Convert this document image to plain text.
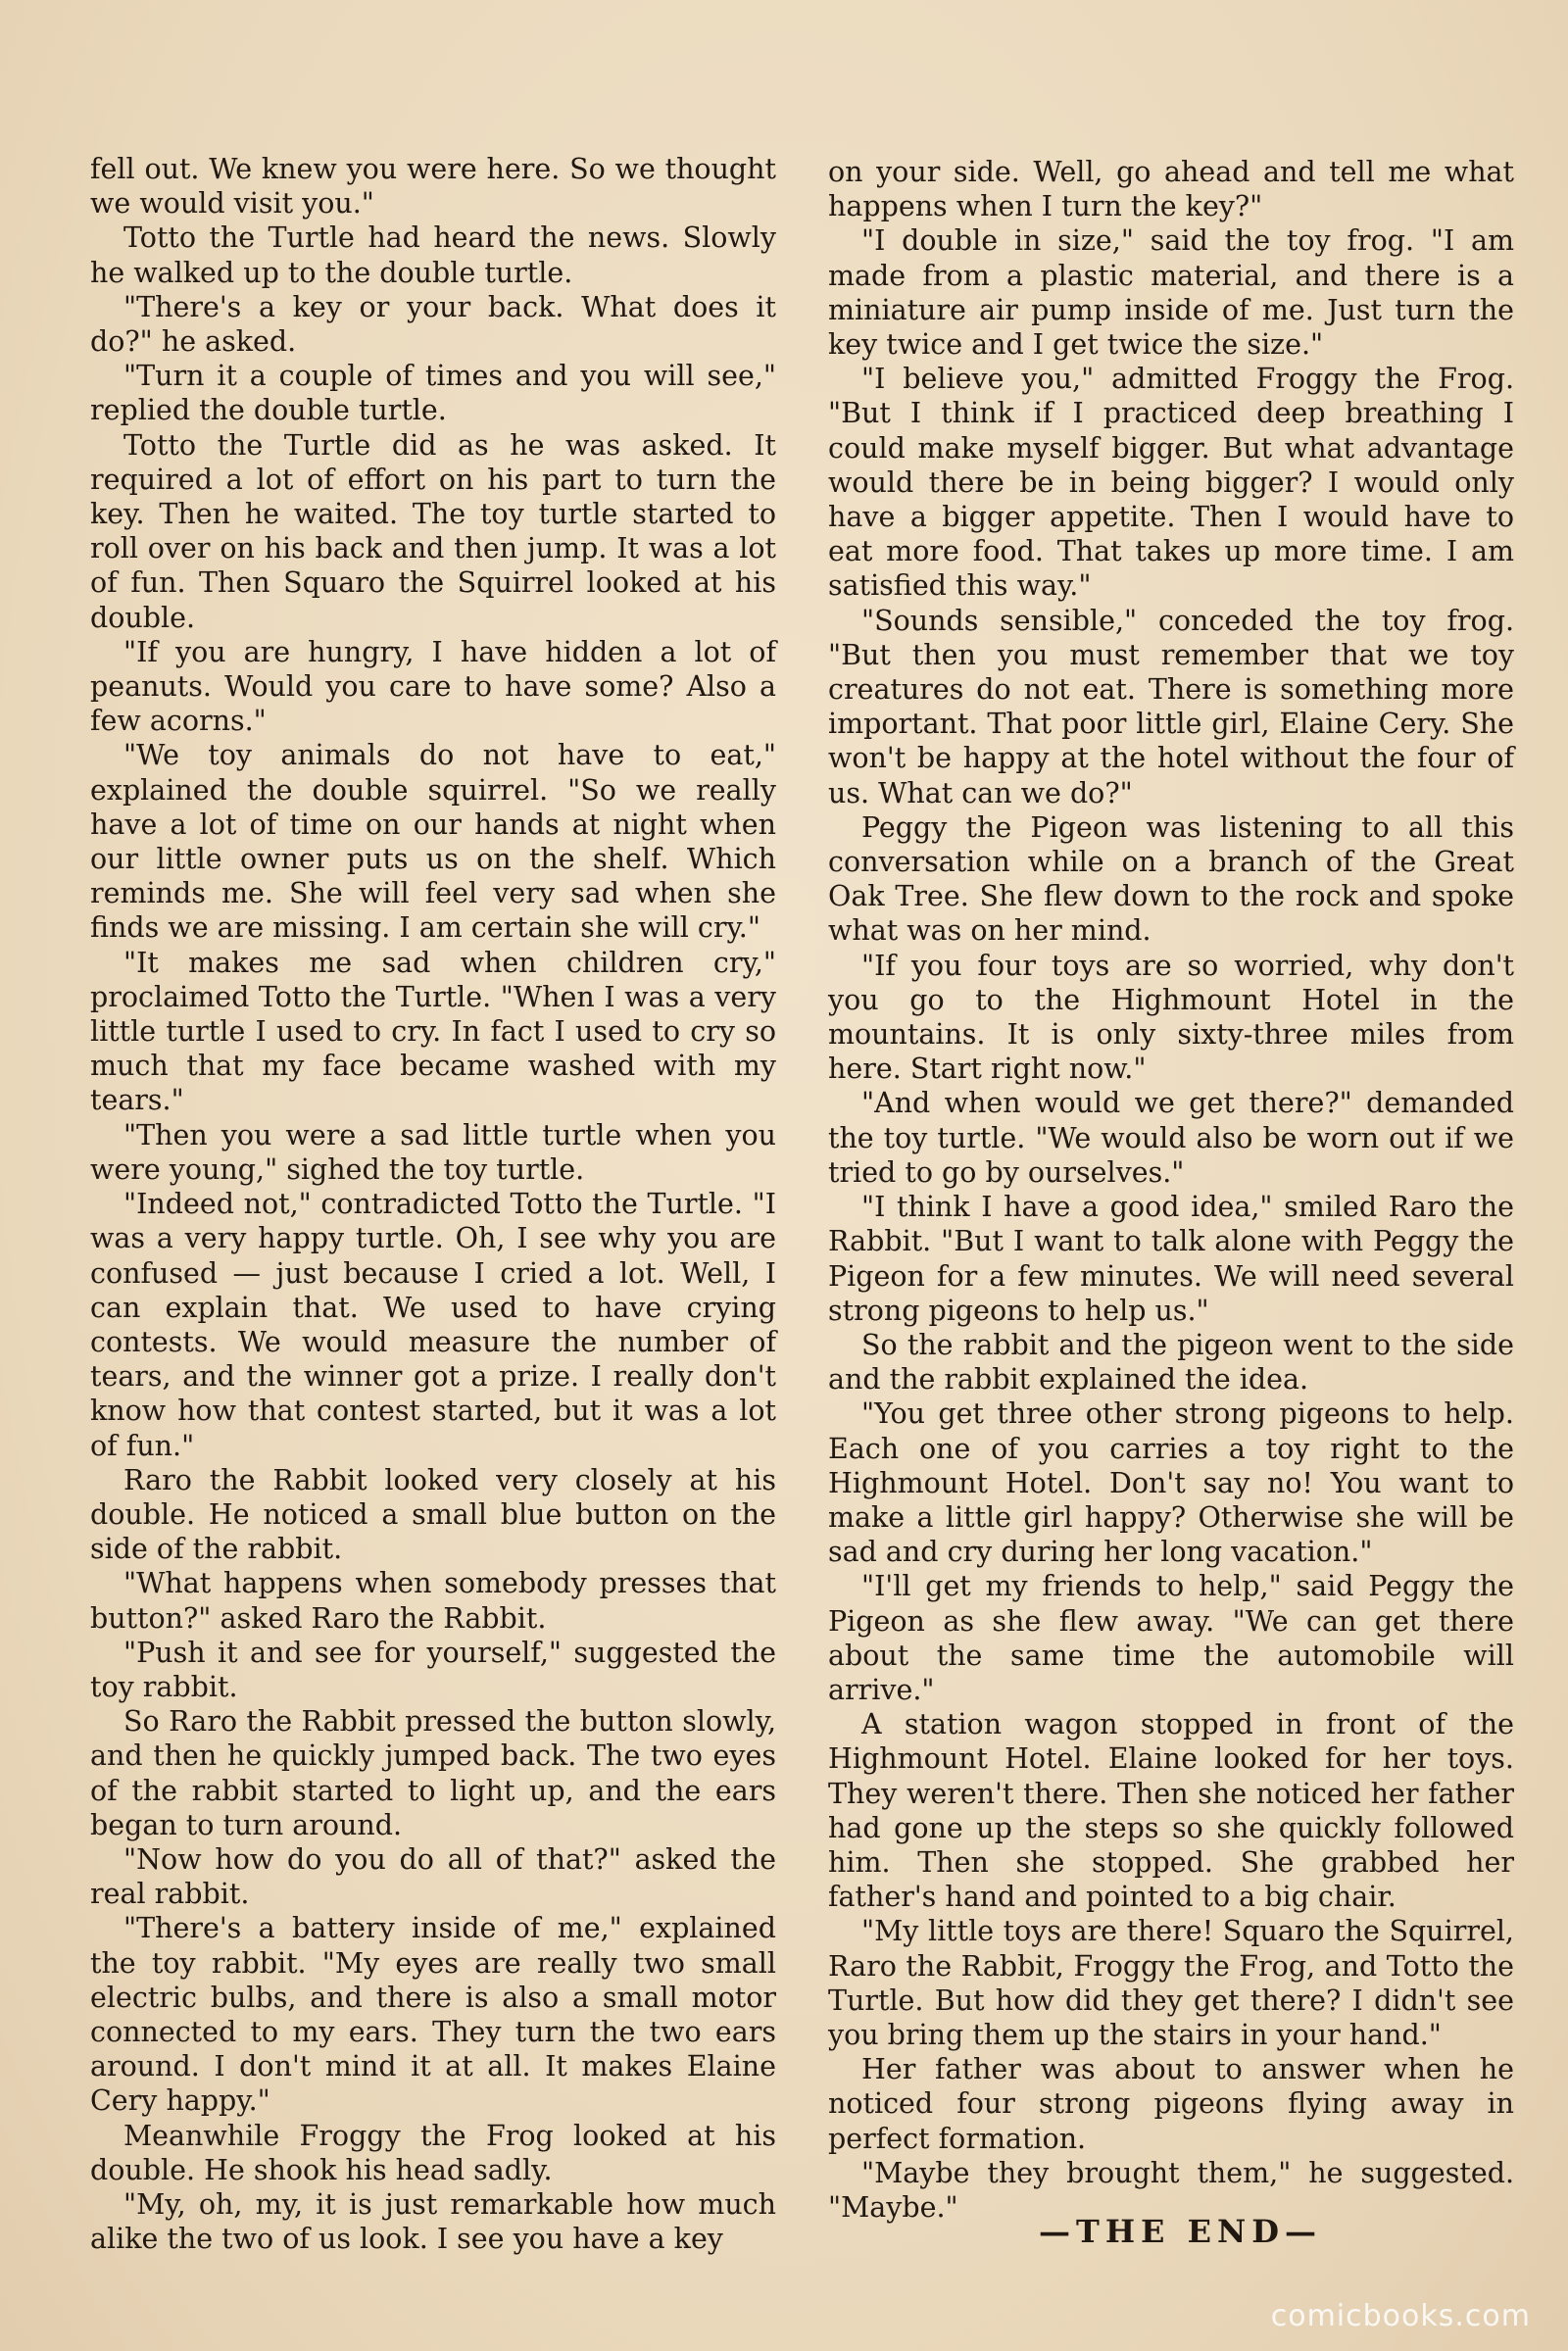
fell out. We knew you were here. So we thought we would visit you."

Totto the Turtle had heard the news. Slowly he walked up to the double turtle.

"There's a key or your back. What does it do?" he asked.

"Turn it a couple of times and you will see," replied the double turtle.

Totto the Turtle did as he was asked. It required a lot of effort on his part to turn the key. Then he waited. The toy turtle started to roll over on his back and then jump. It was a lot of fun. Then Squaro the Squirrel looked at his double.

"If you are hungry, I have hidden a lot of peanuts. Would you care to have some? Also a few acorns."

"We toy animals do not have to eat," explained the double squirrel. "So we really have a lot of time on our hands at night when our little owner puts us on the shelf. Which reminds me. She will feel very sad when she finds we are missing. I am certain she will cry."

"It makes me sad when children cry," proclaimed Totto the Turtle. "When I was a very little turtle I used to cry. In fact I used to cry so much that my face became washed with my tears."

"Then you were a sad little turtle when you were young," sighed the toy turtle.

"Indeed not," contradicted Totto the Turtle. "I was a very happy turtle. Oh, I see why you are confused — just because I cried a lot. Well, I can explain that. We used to have crying contests. We would measure the number of tears, and the winner got a prize. I really don't know how that contest started, but it was a lot of fun."

Raro the Rabbit looked very closely at his double. He noticed a small blue button on the side of the rabbit.

"What happens when somebody presses that button?" asked Raro the Rabbit.

"Push it and see for yourself," suggested the toy rabbit.

So Raro the Rabbit pressed the button slowly, and then he quickly jumped back. The two eyes of the rabbit started to light up, and the ears began to turn around.

"Now how do you do all of that?" asked the real rabbit.

"There's a battery inside of me," explained the toy rabbit. "My eyes are really two small electric bulbs, and there is also a small motor connected to my ears. They turn the two ears around. I don't mind it at all. It makes Elaine Cery happy."

Meanwhile Froggy the Frog looked at his double. He shook his head sadly.

"My, oh, my, it is just remarkable how much alike the two of us look. I see you have a key

on your side. Well, go ahead and tell me what happens when I turn the key?"

"I double in size," said the toy frog. "I am made from a plastic material, and there is a miniature air pump inside of me. Just turn the key twice and I get twice the size."

"I believe you," admitted Froggy the Frog. "But I think if I practiced deep breathing I could make myself bigger. But what advantage would there be in being bigger? I would only have a bigger appetite. Then I would have to eat more food. That takes up more time. I am satisfied this way."

"Sounds sensible," conceded the toy frog. "But then you must remember that we toy creatures do not eat. There is something more important. That poor little girl, Elaine Cery. She won't be happy at the hotel without the four of us. What can we do?"

Peggy the Pigeon was listening to all this conversation while on a branch of the Great Oak Tree. She flew down to the rock and spoke what was on her mind.

"If you four toys are so worried, why don't you go to the Highmount Hotel in the mountains. It is only sixty-three miles from here. Start right now."

"And when would we get there?" demanded the toy turtle. "We would also be worn out if we tried to go by ourselves."

"I think I have a good idea," smiled Raro the Rabbit. "But I want to talk alone with Peggy the Pigeon for a few minutes. We will need several strong pigeons to help us."

So the rabbit and the pigeon went to the side and the rabbit explained the idea.

"You get three other strong pigeons to help. Each one of you carries a toy right to the Highmount Hotel. Don't say no! You want to make a little girl happy? Otherwise she will be sad and cry during her long vacation."

"I'll get my friends to help," said Peggy the Pigeon as she flew away. "We can get there about the same time the automobile will arrive."

A station wagon stopped in front of the Highmount Hotel. Elaine looked for her toys. They weren't there. Then she noticed her father had gone up the steps so she quickly followed him. Then she stopped. She grabbed her father's hand and pointed to a big chair.

"My little toys are there! Squaro the Squirrel, Raro the Rabbit, Froggy the Frog, and Totto the Turtle. But how did they get there? I didn't see you bring them up the stairs in your hand."

Her father was about to answer when he noticed four strong pigeons flying away in perfect formation.

"Maybe they brought them," he suggested. "Maybe."

—THE END—
comicbooks.com
